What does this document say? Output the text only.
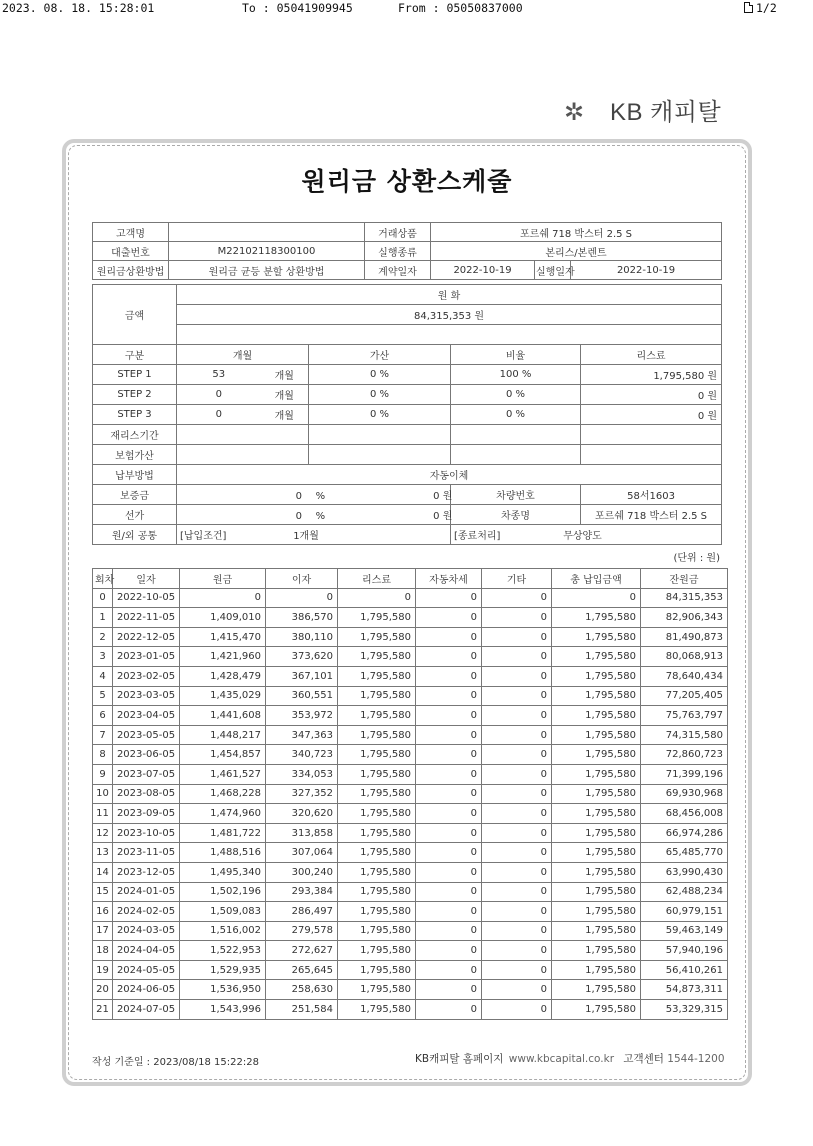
2023. 08. 18. 15:28:01	To : 05041909945	From : 05050837000	1/2
✲ KB 캐피탈
원리금 상환스케줄
고객명		거래상품	포르쉐 718 박스터 2.5 S		
대출번호	M22102118300100	실행종류	본리스/본렌트		
원리금상환방법	원리금 균등 분할 상환방법	계약일자	2022-10-19	실행일자	2022-10-19
금액	원 화				
	84,315,353 원				

구분	개월		가산	비율	리스료
STEP 1	53	개월	0 %	100 %	1,795,580 원
STEP 2	0	개월	0 %	0 %	0 원
STEP 3	0	개월	0 %	0 %	0 원
재리스기간					
보험가산					
납부방법	자동이체				
보증금	0 % 0 원			차량번호	58서1603
선가	0 % 0 원			차종명	포르쉐 718 박스터 2.5 S
원/외 공통	[납입조건] 1개월			[종료처리] 무상양도	
(단위 : 원)
회차	일자	원금	이자	리스료	자동차세	기타	총 납입금액	잔원금
0	2022-10-05	0	0	0	0	0	0	84,315,353
1	2022-11-05	1,409,010	386,570	1,795,580	0	0	1,795,580	82,906,343
2	2022-12-05	1,415,470	380,110	1,795,580	0	0	1,795,580	81,490,873
3	2023-01-05	1,421,960	373,620	1,795,580	0	0	1,795,580	80,068,913
4	2023-02-05	1,428,479	367,101	1,795,580	0	0	1,795,580	78,640,434
5	2023-03-05	1,435,029	360,551	1,795,580	0	0	1,795,580	77,205,405
6	2023-04-05	1,441,608	353,972	1,795,580	0	0	1,795,580	75,763,797
7	2023-05-05	1,448,217	347,363	1,795,580	0	0	1,795,580	74,315,580
8	2023-06-05	1,454,857	340,723	1,795,580	0	0	1,795,580	72,860,723
9	2023-07-05	1,461,527	334,053	1,795,580	0	0	1,795,580	71,399,196
10	2023-08-05	1,468,228	327,352	1,795,580	0	0	1,795,580	69,930,968
11	2023-09-05	1,474,960	320,620	1,795,580	0	0	1,795,580	68,456,008
12	2023-10-05	1,481,722	313,858	1,795,580	0	0	1,795,580	66,974,286
13	2023-11-05	1,488,516	307,064	1,795,580	0	0	1,795,580	65,485,770
14	2023-12-05	1,495,340	300,240	1,795,580	0	0	1,795,580	63,990,430
15	2024-01-05	1,502,196	293,384	1,795,580	0	0	1,795,580	62,488,234
16	2024-02-05	1,509,083	286,497	1,795,580	0	0	1,795,580	60,979,151
17	2024-03-05	1,516,002	279,578	1,795,580	0	0	1,795,580	59,463,149
18	2024-04-05	1,522,953	272,627	1,795,580	0	0	1,795,580	57,940,196
19	2024-05-05	1,529,935	265,645	1,795,580	0	0	1,795,580	56,410,261
20	2024-06-05	1,536,950	258,630	1,795,580	0	0	1,795,580	54,873,311
21	2024-07-05	1,543,996	251,584	1,795,580	0	0	1,795,580	53,329,315
작성 기준일 : 2023/08/18 15:22:28	KB캐피탈 홈페이지 www.kbcapital.co.kr 고객센터 1544-1200
